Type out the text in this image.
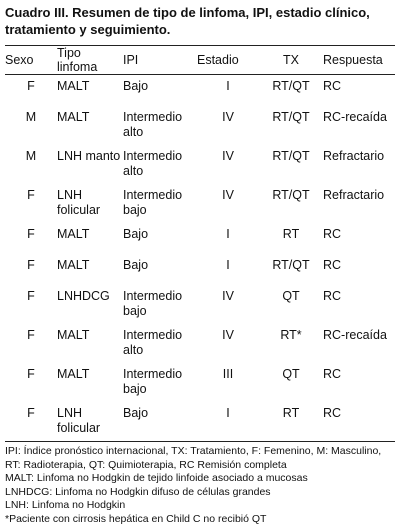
Cuadro III. Resumen de tipo de linfoma, IPI, estadio clínico, tratamiento y seguimiento.
Sexo	Tipo linfoma	IPI	Estadio	TX	Respuesta

F	MALT	Bajo	I	RT/QT	RC
M	MALT	Intermedio alto	IV	RT/QT	RC-recaída
M	LNH manto	Intermedio alto	IV	RT/QT	Refractario
F	LNH folicular	Intermedio bajo	IV	RT/QT	Refractario
F	MALT	Bajo	I	RT	RC
F	MALT	Bajo	I	RT/QT	RC
F	LNHDCG	Intermedio bajo	IV	QT	RC
F	MALT	Intermedio alto	IV	RT*	RC-recaída
F	MALT	Intermedio bajo	III	QT	RC
F	LNH folicular	Bajo	I	RT	RC
IPI: Índice pronóstico internacional, TX: Tratamiento, F: Femenino, M: Masculino,
RT: Radioterapia, QT: Quimioterapia, RC Remisión completa
MALT: Linfoma no Hodgkin de tejido linfoide asociado a mucosas
LNHDCG: Linfoma no Hodgkin difuso de células grandes
LNH: Linfoma no Hodgkin
*Paciente con cirrosis hepática en Child C no recibió QT
